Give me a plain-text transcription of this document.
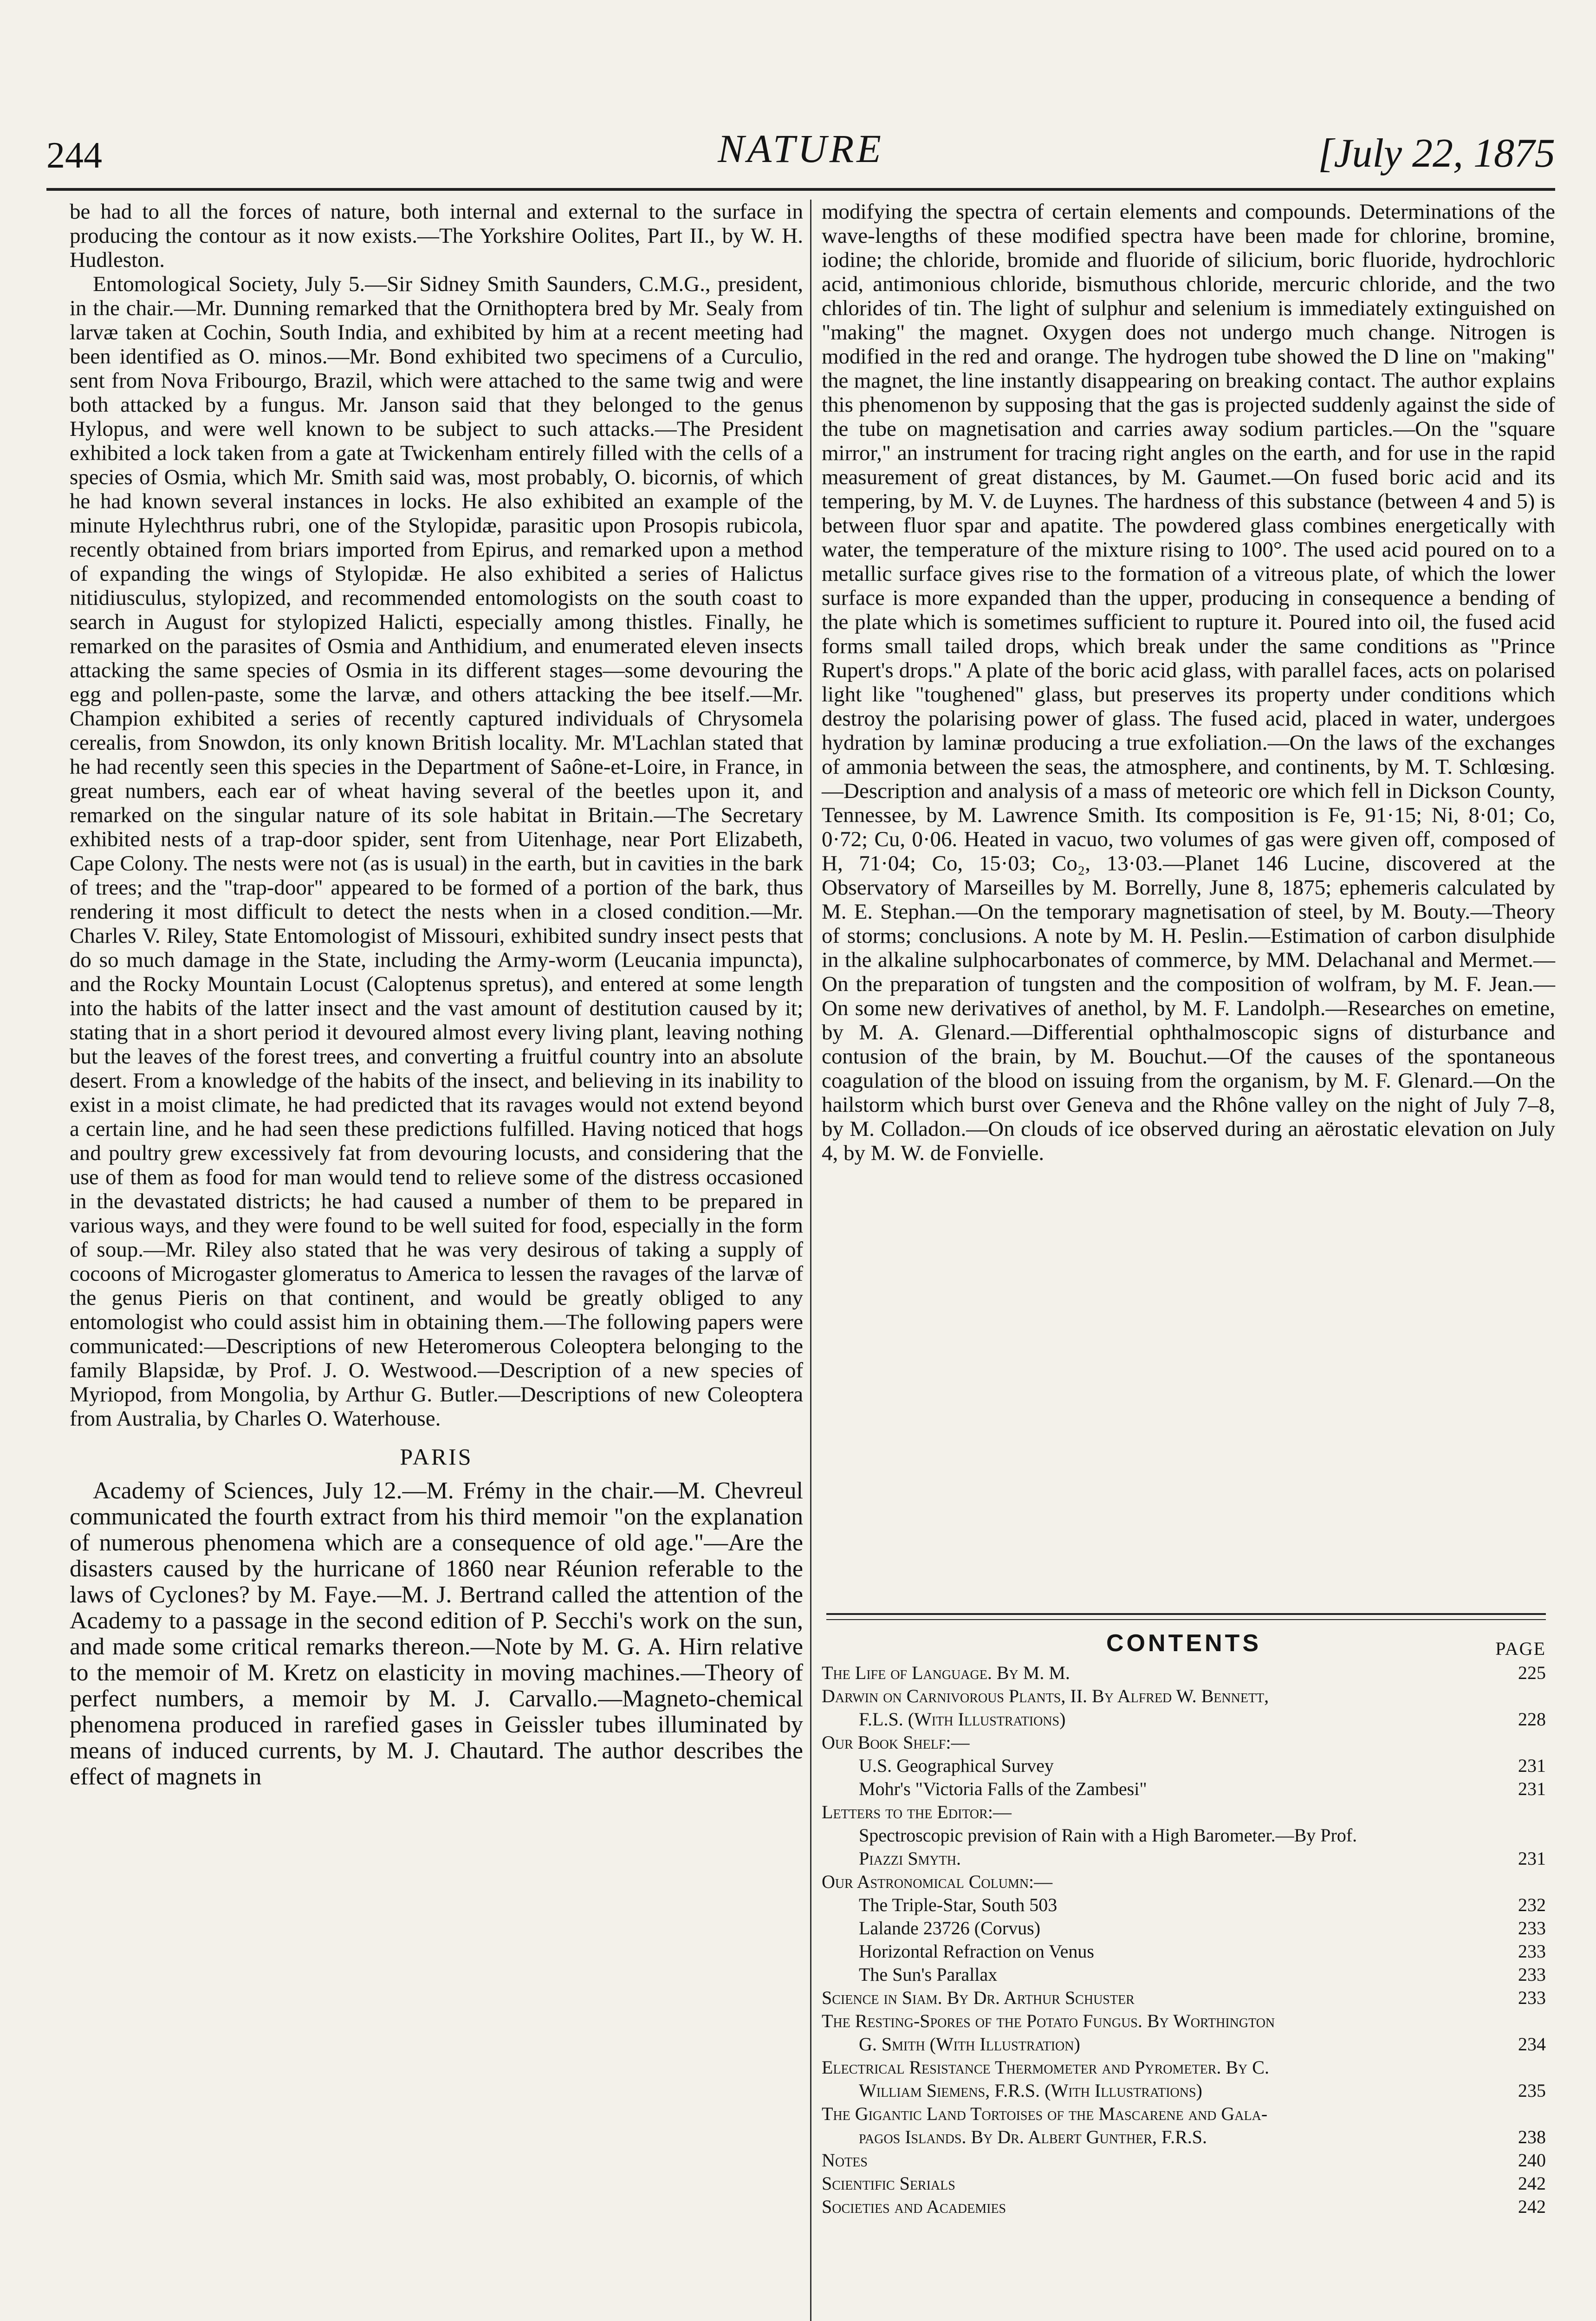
244	NATURE	[July 22, 1875

be had to all the forces of nature, both internal and external to the surface in producing the contour as it now exists.—The Yorkshire Oolites, Part II., by W. H. Hudleston.

Entomological Society, July 5.—Sir Sidney Smith Saunders, C.M.G., president, in the chair.—Mr. Dunning remarked that the Ornithoptera bred by Mr. Sealy from larvæ taken at Cochin, South India, and exhibited by him at a recent meeting had been identified as O. minos.—Mr. Bond exhibited two specimens of a Curculio, sent from Nova Fribourgo, Brazil, which were attached to the same twig and were both attacked by a fungus. Mr. Janson said that they belonged to the genus Hylopus, and were well known to be subject to such attacks.—The President exhibited a lock taken from a gate at Twickenham entirely filled with the cells of a species of Osmia, which Mr. Smith said was, most probably, O. bicornis, of which he had known several instances in locks. He also exhibited an example of the minute Hylechthrus rubri, one of the Stylopidæ, parasitic upon Prosopis rubicola, recently obtained from briars imported from Epirus, and remarked upon a method of expanding the wings of Stylopidæ. He also exhibited a series of Halictus nitidiusculus, stylopized, and recommended entomologists on the south coast to search in August for stylopized Halicti, especially among thistles. Finally, he remarked on the parasites of Osmia and Anthidium, and enumerated eleven insects attacking the same species of Osmia in its different stages—some devouring the egg and pollen-paste, some the larvæ, and others attacking the bee itself.—Mr. Champion exhibited a series of recently captured individuals of Chrysomela cerealis, from Snowdon, its only known British locality. Mr. M'Lachlan stated that he had recently seen this species in the Department of Saône-et-Loire, in France, in great numbers, each ear of wheat having several of the beetles upon it, and remarked on the singular nature of its sole habitat in Britain.—The Secretary exhibited nests of a trap-door spider, sent from Uitenhage, near Port Elizabeth, Cape Colony. The nests were not (as is usual) in the earth, but in cavities in the bark of trees; and the "trap-door" appeared to be formed of a portion of the bark, thus rendering it most difficult to detect the nests when in a closed condition.—Mr. Charles V. Riley, State Entomologist of Missouri, exhibited sundry insect pests that do so much damage in the State, including the Army-worm (Leucania impuncta), and the Rocky Mountain Locust (Caloptenus spretus), and entered at some length into the habits of the latter insect and the vast amount of destitution caused by it; stating that in a short period it devoured almost every living plant, leaving nothing but the leaves of the forest trees, and converting a fruitful country into an absolute desert. From a knowledge of the habits of the insect, and believing in its inability to exist in a moist climate, he had predicted that its ravages would not extend beyond a certain line, and he had seen these predictions fulfilled. Having noticed that hogs and poultry grew excessively fat from devouring locusts, and considering that the use of them as food for man would tend to relieve some of the distress occasioned in the devastated districts; he had caused a number of them to be prepared in various ways, and they were found to be well suited for food, especially in the form of soup.—Mr. Riley also stated that he was very desirous of taking a supply of cocoons of Microgaster glomeratus to America to lessen the ravages of the larvæ of the genus Pieris on that continent, and would be greatly obliged to any entomologist who could assist him in obtaining them.—The following papers were communicated:—Descriptions of new Heteromerous Coleoptera belonging to the family Blapsidæ, by Prof. J. O. Westwood.—Description of a new species of Myriopod, from Mongolia, by Arthur G. Butler.—Descriptions of new Coleoptera from Australia, by Charles O. Waterhouse.

PARIS

Academy of Sciences, July 12.—M. Frémy in the chair.—M. Chevreul communicated the fourth extract from his third memoir "on the explanation of numerous phenomena which are a consequence of old age."—Are the disasters caused by the hurricane of 1860 near Réunion referable to the laws of Cyclones? by M. Faye.—M. J. Bertrand called the attention of the Academy to a passage in the second edition of P. Secchi's work on the sun, and made some critical remarks thereon.—Note by M. G. A. Hirn relative to the memoir of M. Kretz on elasticity in moving machines.—Theory of perfect numbers, a memoir by M. J. Carvallo.—Magneto-chemical phenomena produced in rarefied gases in Geissler tubes illuminated by means of induced currents, by M. J. Chautard. The author describes the effect of magnets in

modifying the spectra of certain elements and compounds. Determinations of the wave-lengths of these modified spectra have been made for chlorine, bromine, iodine; the chloride, bromide and fluoride of silicium, boric fluoride, hydrochloric acid, antimonious chloride, bismuthous chloride, mercuric chloride, and the two chlorides of tin. The light of sulphur and selenium is immediately extinguished on "making" the magnet. Oxygen does not undergo much change. Nitrogen is modified in the red and orange. The hydrogen tube showed the D line on "making" the magnet, the line instantly disappearing on breaking contact. The author explains this phenomenon by supposing that the gas is projected suddenly against the side of the tube on magnetisation and carries away sodium particles.—On the "square mirror," an instrument for tracing right angles on the earth, and for use in the rapid measurement of great distances, by M. Gaumet.—On fused boric acid and its tempering, by M. V. de Luynes. The hardness of this substance (between 4 and 5) is between fluor spar and apatite. The powdered glass combines energetically with water, the temperature of the mixture rising to 100°. The used acid poured on to a metallic surface gives rise to the formation of a vitreous plate, of which the lower surface is more expanded than the upper, producing in consequence a bending of the plate which is sometimes sufficient to rupture it. Poured into oil, the fused acid forms small tailed drops, which break under the same conditions as "Prince Rupert's drops." A plate of the boric acid glass, with parallel faces, acts on polarised light like "toughened" glass, but preserves its property under conditions which destroy the polarising power of glass. The fused acid, placed in water, undergoes hydration by laminæ producing a true exfoliation.—On the laws of the exchanges of ammonia between the seas, the atmosphere, and continents, by M. T. Schlœsing.—Description and analysis of a mass of meteoric ore which fell in Dickson County, Tennessee, by M. Lawrence Smith. Its composition is Fe, 91·15; Ni, 8·01; Co, 0·72; Cu, 0·06. Heated in vacuo, two volumes of gas were given off, composed of H, 71·04; Co, 15·03; Co₂, 13·03.—Planet 146 Lucine, discovered at the Observatory of Marseilles by M. Borrelly, June 8, 1875; ephemeris calculated by M. E. Stephan.—On the temporary magnetisation of steel, by M. Bouty.—Theory of storms; conclusions. A note by M. H. Peslin.—Estimation of carbon disulphide in the alkaline sulphocarbonates of commerce, by MM. Delachanal and Mermet.—On the preparation of tungsten and the composition of wolfram, by M. F. Jean.—On some new derivatives of anethol, by M. F. Landolph.—Researches on emetine, by M. A. Glenard.—Differential ophthalmoscopic signs of disturbance and contusion of the brain, by M. Bouchut.—Of the causes of the spontaneous coagulation of the blood on issuing from the organism, by M. F. Glenard.—On the hailstorm which burst over Geneva and the Rhône valley on the night of July 7–8, by M. Colladon.—On clouds of ice observed during an aërostatic elevation on July 4, by M. W. de Fonvielle.

CONTENTS	PAGE
The Life of Language. By M. M.	225
Darwin on Carnivorous Plants, II. By Alfred W. Bennett,
F.L.S. (With Illustrations)	228
Our Book Shelf:—
U.S. Geographical Survey	231
Mohr's "Victoria Falls of the Zambesi"	231
Letters to the Editor:—
Spectroscopic prevision of Rain with a High Barometer.—By Prof.
Piazzi Smyth.	231
Our Astronomical Column:—
The Triple-Star, South 503	232
Lalande 23726 (Corvus)	233
Horizontal Refraction on Venus	233
The Sun's Parallax	233
Science in Siam. By Dr. Arthur Schuster	233
The Resting-Spores of the Potato Fungus. By Worthington
G. Smith (With Illustration)	234
Electrical Resistance Thermometer and Pyrometer. By C.
William Siemens, F.R.S. (With Illustrations)	235
The Gigantic Land Tortoises of the Mascarene and Gala-
pagos Islands. By Dr. Albert Gunther, F.R.S.	238
Notes	240
Scientific Serials	242
Societies and Academies	242
